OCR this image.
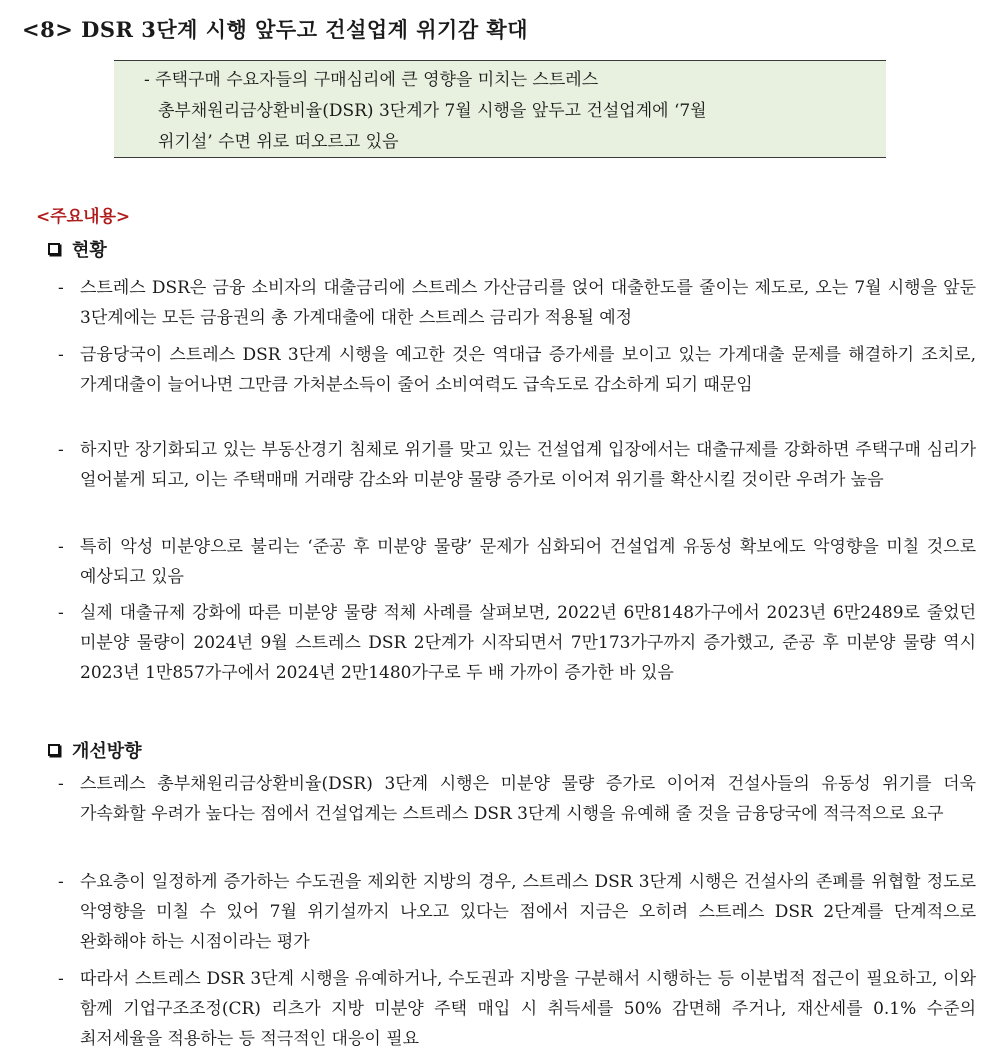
<8> DSR 3단계 시행 앞두고 건설업계 위기감 확대
- 주택구매 수요자들의 구매심리에 큰 영향을 미치는 스트레스
총부채원리금상환비율(DSR) 3단계가 7월 시행을 앞두고 건설업계에 ‘7월
위기설’ 수면 위로 떠오르고 있음
<주요내용>
현황
- 스트레스 DSR은 금융 소비자의 대출금리에 스트레스 가산금리를 얹어 대출한도를 줄이는 제도로, 오는 7월 시행을 앞둔 3단계에는 모든 금융권의 총 가계대출에 대한 스트레스 금리가 적용될 예정
- 금융당국이 스트레스 DSR 3단계 시행을 예고한 것은 역대급 증가세를 보이고 있는 가계대출 문제를 해결하기 조치로, 가계대출이 늘어나면 그만큼 가처분소득이 줄어 소비여력도 급속도로 감소하게 되기 때문임
- 하지만 장기화되고 있는 부동산경기 침체로 위기를 맞고 있는 건설업계 입장에서는 대출규제를 강화하면 주택구매 심리가 얼어붙게 되고, 이는 주택매매 거래량 감소와 미분양 물량 증가로 이어져 위기를 확산시킬 것이란 우려가 높음
- 특히 악성 미분양으로 불리는 ‘준공 후 미분양 물량’ 문제가 심화되어 건설업계 유동성 확보에도 악영향을 미칠 것으로 예상되고 있음
- 실제 대출규제 강화에 따른 미분양 물량 적체 사례를 살펴보면, 2022년 6만8148가구에서 2023년 6만2489로 줄었던 미분양 물량이 2024년 9월 스트레스 DSR 2단계가 시작되면서 7만173가구까지 증가했고, 준공 후 미분양 물량 역시 2023년 1만857가구에서 2024년 2만1480가구로 두 배 가까이 증가한 바 있음
개선방향
- 스트레스 총부채원리금상환비율(DSR) 3단계 시행은 미분양 물량 증가로 이어져 건설사들의 유동성 위기를 더욱 가속화할 우려가 높다는 점에서 건설업계는 스트레스 DSR 3단계 시행을 유예해 줄 것을 금융당국에 적극적으로 요구
- 수요층이 일정하게 증가하는 수도권을 제외한 지방의 경우, 스트레스 DSR 3단계 시행은 건설사의 존폐를 위협할 정도로 악영향을 미칠 수 있어 7월 위기설까지 나오고 있다는 점에서 지금은 오히려 스트레스 DSR 2단계를 단계적으로 완화해야 하는 시점이라는 평가
- 따라서 스트레스 DSR 3단계 시행을 유예하거나, 수도권과 지방을 구분해서 시행하는 등 이분법적 접근이 필요하고, 이와 함께 기업구조조정(CR) 리츠가 지방 미분양 주택 매입 시 취득세를 50% 감면해 주거나, 재산세를 0.1% 수준의 최저세율을 적용하는 등 적극적인 대응이 필요
